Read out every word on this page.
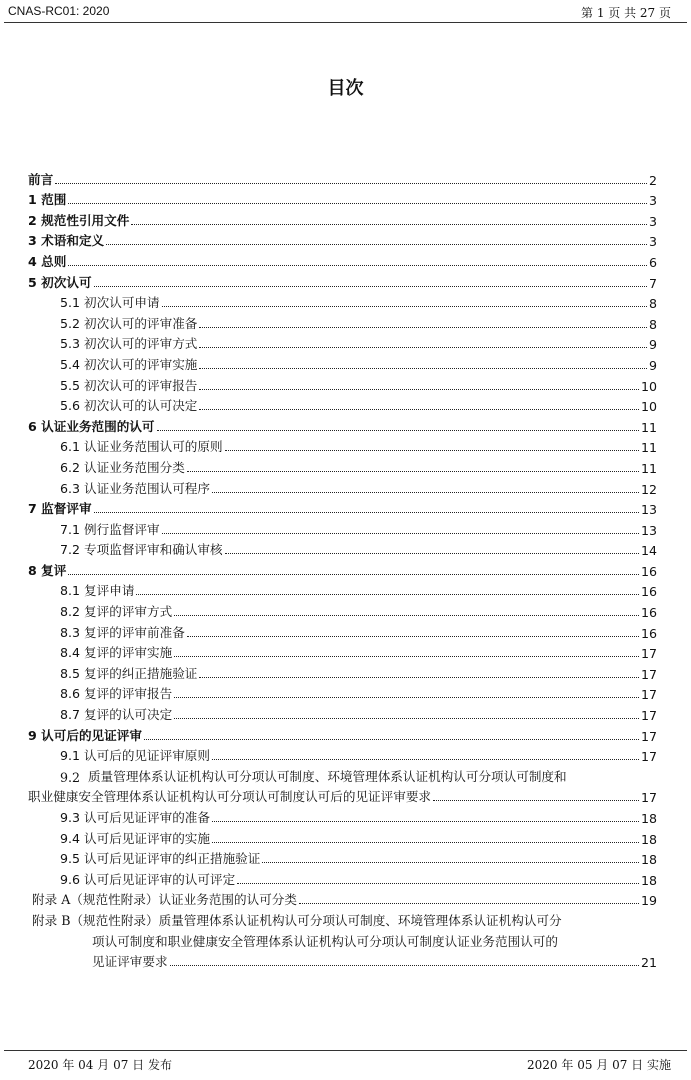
CNAS-RC01: 2020	第 1 页 共 27 页
目次
前言	2
1 范围	3
2 规范性引用文件	3
3 术语和定义	3
4 总则	6
5 初次认可	7
5.1 初次认可申请	8
5.2 初次认可的评审准备	8
5.3 初次认可的评审方式	9
5.4 初次认可的评审实施	9
5.5 初次认可的评审报告	10
5.6 初次认可的认可决定	10
6 认证业务范围的认可	11
6.1 认证业务范围认可的原则	11
6.2 认证业务范围分类	11
6.3 认证业务范围认可程序	12
7 监督评审	13
7.1 例行监督评审	13
7.2 专项监督评审和确认审核	14
8 复评	16
8.1 复评申请	16
8.2 复评的评审方式	16
8.3 复评的评审前准备	16
8.4 复评的评审实施	17
8.5 复评的纠正措施验证	17
8.6 复评的评审报告	17
8.7 复评的认可决定	17
9 认可后的见证评审	17
9.1 认可后的见证评审原则	17
9.2
质量管理体系认证机构认可分项认可制度、环境管理体系认证机构认可分项认可制度和
职业健康安全管理体系认证机构认可分项认可制度认可后的见证评审要求	17
9.3 认可后见证评审的准备	18
9.4 认可后见证评审的实施	18
9.5 认可后见证评审的纠正措施验证	18
9.6 认可后见证评审的认可评定	18
附录 A（规范性附录）认证业务范围的认可分类	19
附录 B（规范性附录）质量管理体系认证机构认可分项认可制度、环境管理体系认证机构认可分
项认可制度和职业健康安全管理体系认证机构认可分项认可制度认证业务范围认可的
见证评审要求	21
2020 年 04 月 07 日 发布	2020 年 05 月 07 日 实施
